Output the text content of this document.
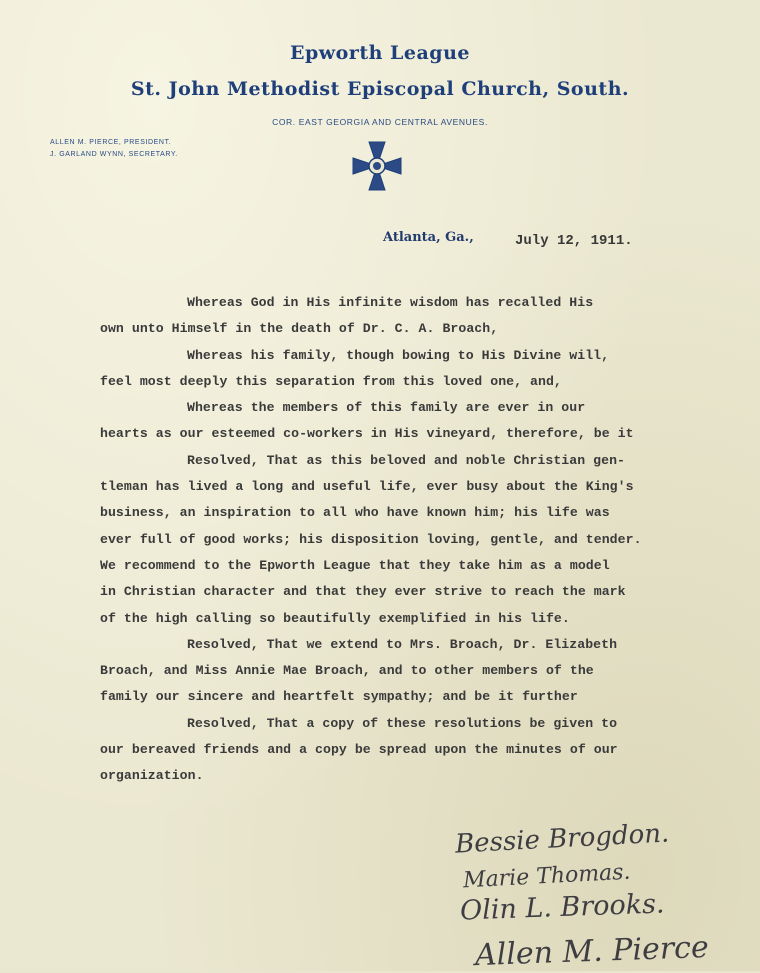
Epworth League
St. John Methodist Episcopal Church, South.
COR. EAST GEORGIA AND CENTRAL AVENUES.
ALLEN M. PIERCE, PRESIDENT.
J. GARLAND WYNN, SECRETARY.
Atlanta, Ga.,	July 12, 1911.
Whereas God in His infinite wisdom has recalled His
own unto Himself in the death of Dr. C. A. Broach,
Whereas his family, though bowing to His Divine will,
feel most deeply this separation from this loved one, and,
Whereas the members of this family are ever in our
hearts as our esteemed co-workers in His vineyard, therefore, be it
Resolved, That as this beloved and noble Christian gen-
tleman has lived a long and useful life, ever busy about the King's
business, an inspiration to all who have known him; his life was
ever full of good works; his disposition loving, gentle, and tender.
We recommend to the Epworth League that they take him as a model
in Christian character and that they ever strive to reach the mark
of the high calling so beautifully exemplified in his life.
Resolved, That we extend to Mrs. Broach, Dr. Elizabeth
Broach, and Miss Annie Mae Broach, and to other members of the
family our sincere and heartfelt sympathy; and be it further
Resolved, That a copy of these resolutions be given to
our bereaved friends and a copy be spread upon the minutes of our
organization.
Bessie Brogdon.
Marie Thomas.
Olin L. Brooks.
Allen M. Pierce
